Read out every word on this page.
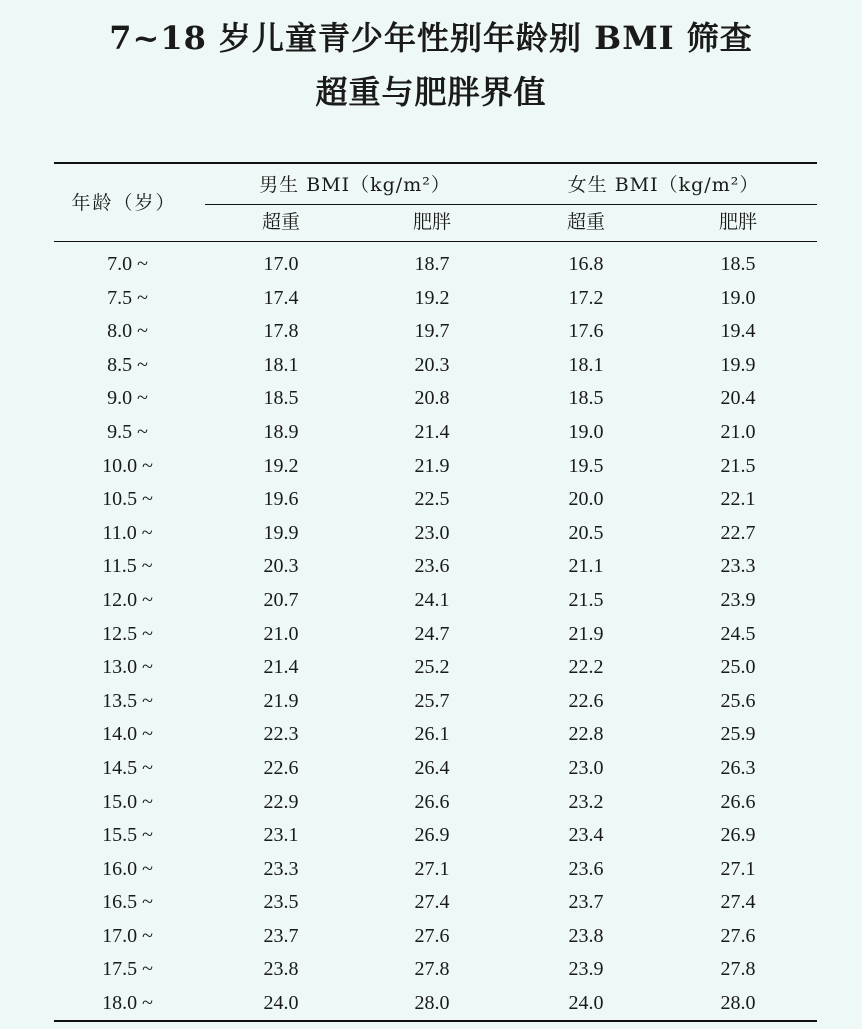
7~18 岁儿童青少年性别年龄别 BMI 筛查
超重与肥胖界值
年龄（岁）
男生 BMI（kg/m²）	女生 BMI（kg/m²）
超重	肥胖	超重	肥胖
7.0 ~	17.0	18.7	16.8	18.5
7.5 ~	17.4	19.2	17.2	19.0
8.0 ~	17.8	19.7	17.6	19.4
8.5 ~	18.1	20.3	18.1	19.9
9.0 ~	18.5	20.8	18.5	20.4
9.5 ~	18.9	21.4	19.0	21.0
10.0 ~	19.2	21.9	19.5	21.5
10.5 ~	19.6	22.5	20.0	22.1
11.0 ~	19.9	23.0	20.5	22.7
11.5 ~	20.3	23.6	21.1	23.3
12.0 ~	20.7	24.1	21.5	23.9
12.5 ~	21.0	24.7	21.9	24.5
13.0 ~	21.4	25.2	22.2	25.0
13.5 ~	21.9	25.7	22.6	25.6
14.0 ~	22.3	26.1	22.8	25.9
14.5 ~	22.6	26.4	23.0	26.3
15.0 ~	22.9	26.6	23.2	26.6
15.5 ~	23.1	26.9	23.4	26.9
16.0 ~	23.3	27.1	23.6	27.1
16.5 ~	23.5	27.4	23.7	27.4
17.0 ~	23.7	27.6	23.8	27.6
17.5 ~	23.8	27.8	23.9	27.8
18.0 ~	24.0	28.0	24.0	28.0
